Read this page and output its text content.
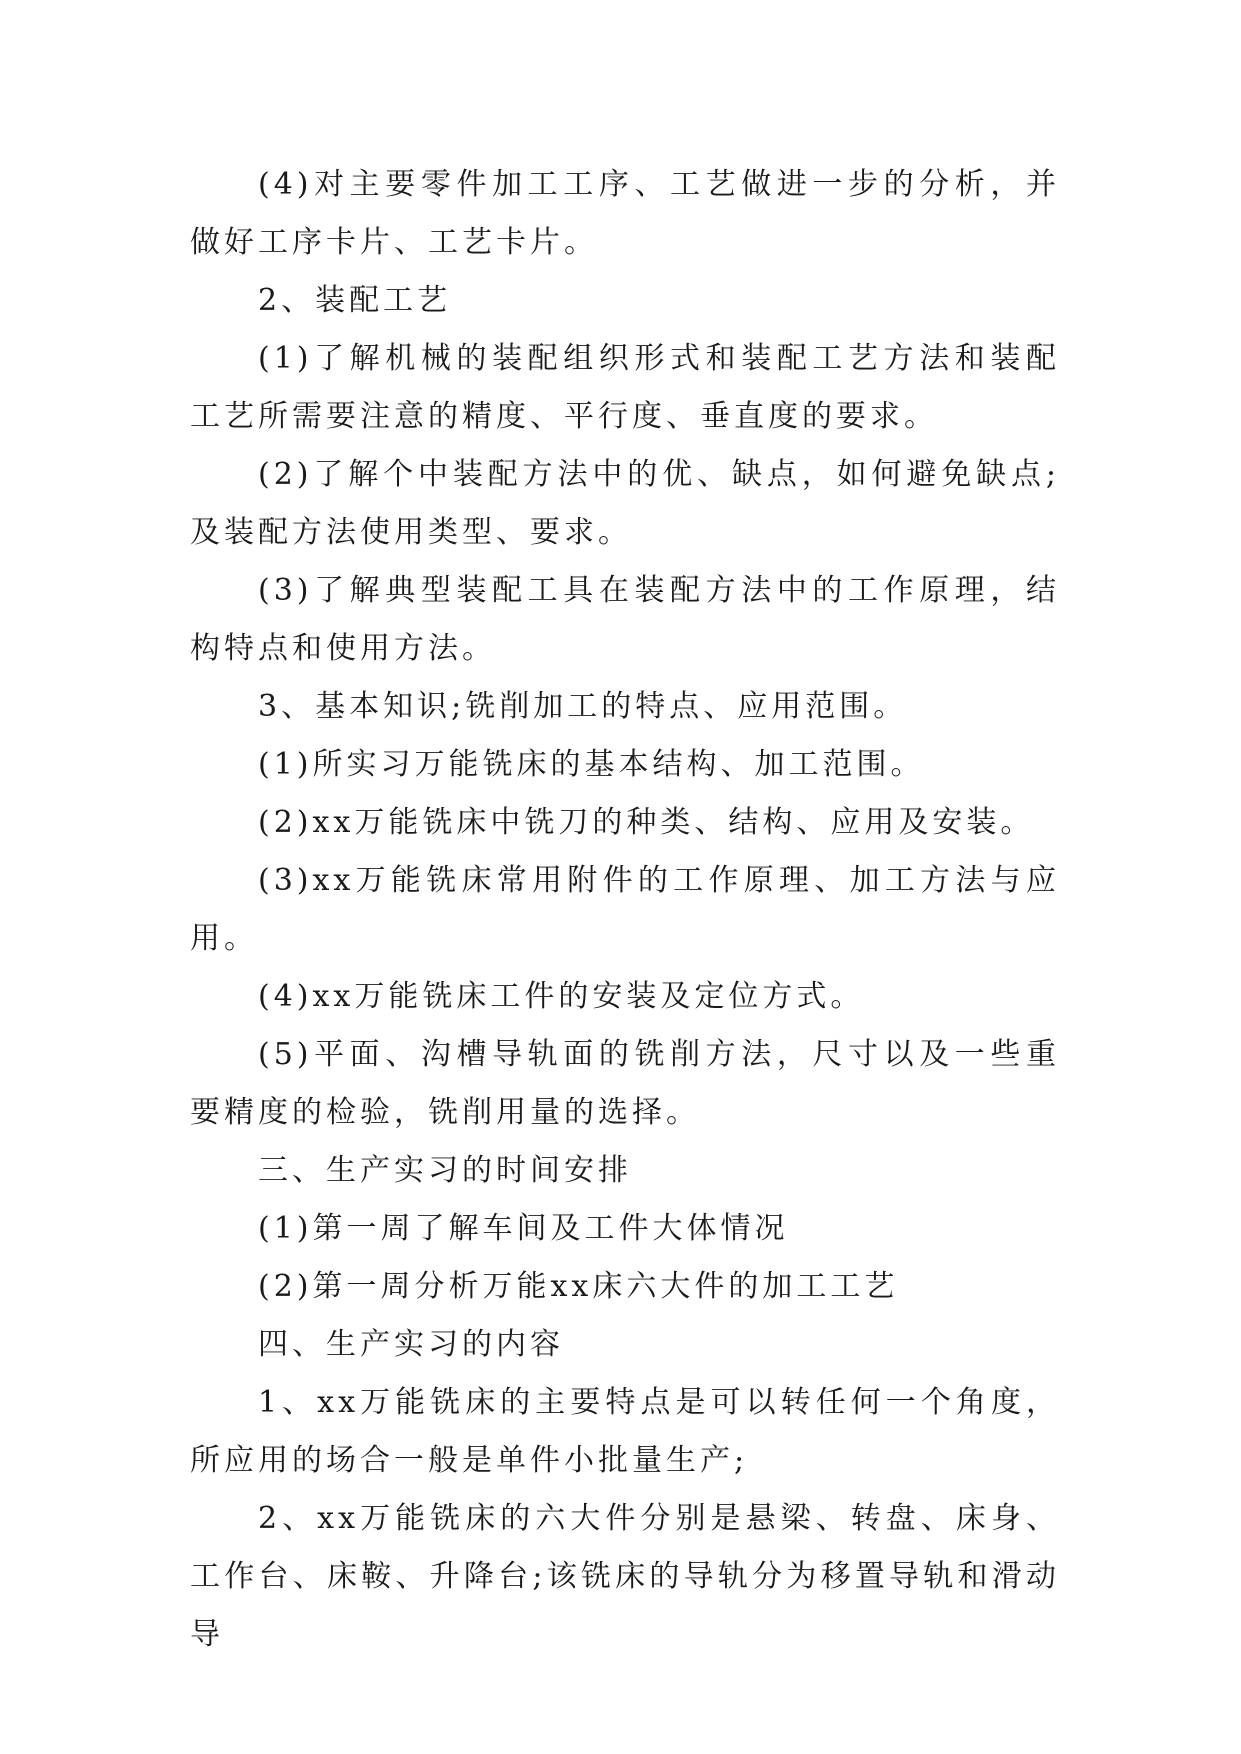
(4)对主要零件加工工序、工艺做进一步的分析，并做好工序卡片、工艺卡片。

2、装配工艺

(1)了解机械的装配组织形式和装配工艺方法和装配工艺所需要注意的精度、平行度、垂直度的要求。

(2)了解个中装配方法中的优、缺点，如何避免缺点;及装配方法使用类型、要求。

(3)了解典型装配工具在装配方法中的工作原理，结构特点和使用方法。

3、基本知识;铣削加工的特点、应用范围。

(1)所实习万能铣床的基本结构、加工范围。

(2)xx万能铣床中铣刀的种类、结构、应用及安装。

(3)xx万能铣床常用附件的工作原理、加工方法与应用。

(4)xx万能铣床工件的安装及定位方式。

(5)平面、沟槽导轨面的铣削方法，尺寸以及一些重要精度的检验，铣削用量的选择。

三、生产实习的时间安排

(1)第一周了解车间及工件大体情况

(2)第一周分析万能xx床六大件的加工工艺

四、生产实习的内容

1、xx万能铣床的主要特点是可以转任何一个角度，所应用的场合一般是单件小批量生产;

2、xx万能铣床的六大件分别是悬梁、转盘、床身、工作台、床鞍、升降台;该铣床的导轨分为移置导轨和滑动导
